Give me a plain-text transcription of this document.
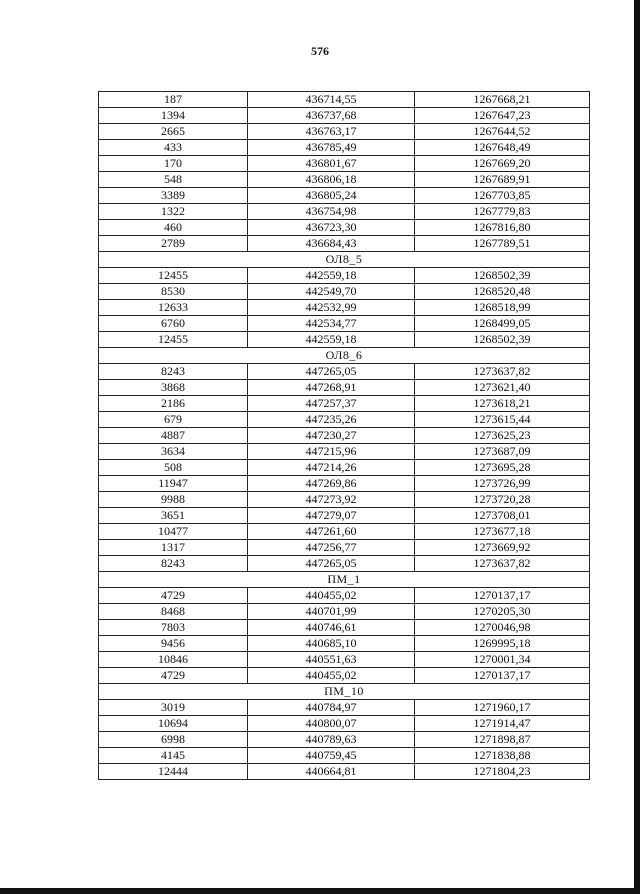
576
187	436714,55	1267668,21
1394	436737,68	1267647,23
2665	436763,17	1267644,52
433	436785,49	1267648,49
170	436801,67	1267669,20
548	436806,18	1267689,91
3389	436805,24	1267703,85
1322	436754,98	1267779,83
460	436723,30	1267816,80
2789	436684,43	1267789,51
ОЛ8_5		
12455	442559,18	1268502,39
8530	442549,70	1268520,48
12633	442532,99	1268518,99
6760	442534,77	1268499,05
12455	442559,18	1268502,39
ОЛ8_6		
8243	447265,05	1273637,82
3868	447268,91	1273621,40
2186	447257,37	1273618,21
679	447235,26	1273615,44
4887	447230,27	1273625,23
3634	447215,96	1273687,09
508	447214,26	1273695,28
11947	447269,86	1273726,99
9988	447273,92	1273720,28
3651	447279,07	1273708,01
10477	447261,60	1273677,18
1317	447256,77	1273669,92
8243	447265,05	1273637,82
ПМ_1		
4729	440455,02	1270137,17
8468	440701,99	1270205,30
7803	440746,61	1270046,98
9456	440685,10	1269995,18
10846	440551,63	1270001,34
4729	440455,02	1270137,17
ПМ_10		
3019	440784,97	1271960,17
10694	440800,07	1271914,47
6998	440789,63	1271898,87
4145	440759,45	1271838,88
12444	440664,81	1271804,23
